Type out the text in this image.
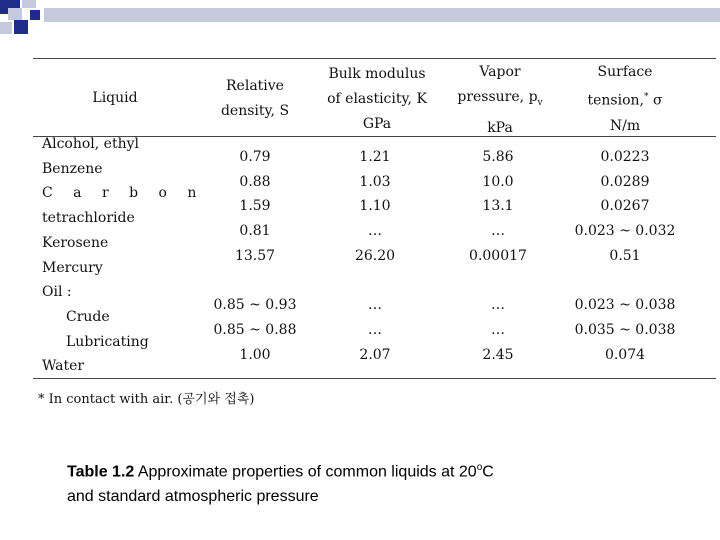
Liquid
Relative
density, S
Bulk modulus
of elasticity, K
GPa
Vapor
pressure, $p_v$
kPa
Surface
tension,* σ
N/m
Alcohol, ethyl
Benzene
C a r b o n
tetrachloride
Kerosene
Mercury
Oil :
Crude
Lubricating
Water
0.79
0.88
1.59
0.81
13.57

0.85 ~ 0.93
0.85 ~ 0.88
1.00
1.21
1.03
1.10
…
26.20

…
…
2.07
5.86
10.0
13.1
…
0.00017

…
…
2.45
0.0223
0.0289
0.0267
0.023 ~ 0.032
0.51

0.023 ~ 0.038
0.035 ~ 0.038
0.074
* In contact with air. (공기와 접촉)
Table 1.2 Approximate properties of common liquids at 20$^o$C
and standard atmospheric pressure
